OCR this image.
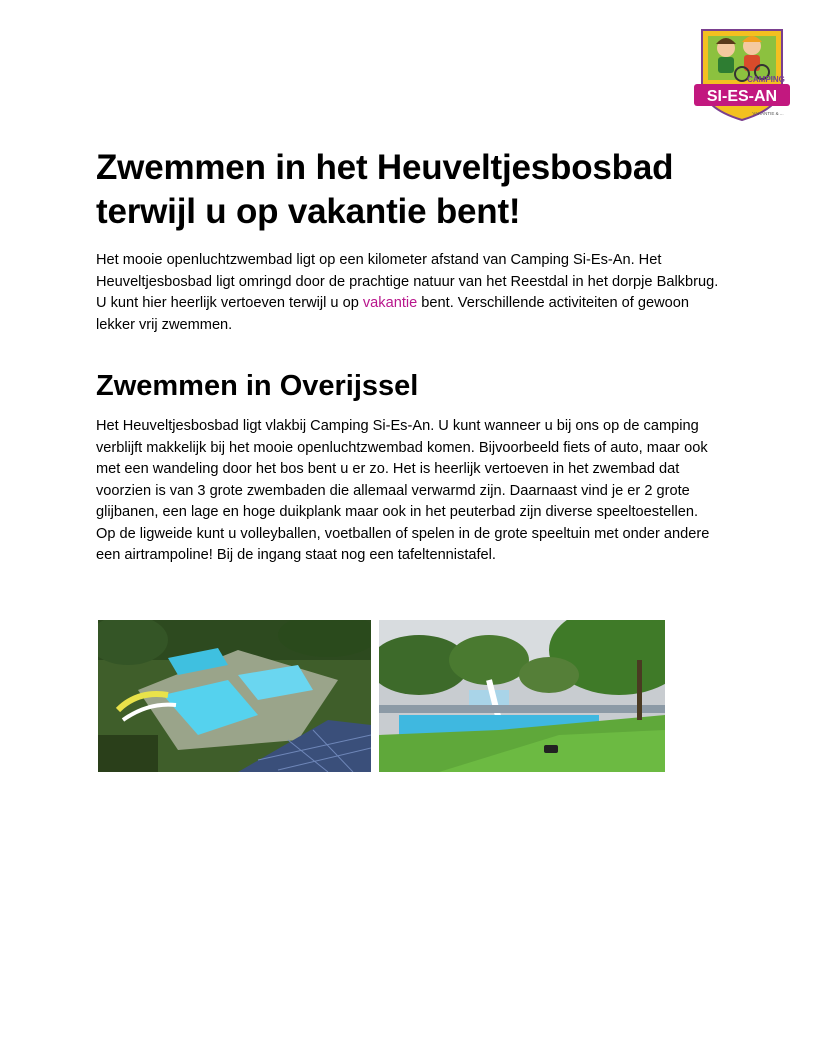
CAMPING
SI-ES-AN
VAKANTIE & ...
Zwemmen in het Heuveltjesbosbad terwijl u op vakantie bent!

Het mooie openluchtzwembad ligt op een kilometer afstand van Camping Si-Es-An. Het Heuveltjesbosbad ligt omringd door de prachtige natuur van het Reestdal in het dorpje Balkbrug. U kunt hier heerlijk vertoeven terwijl u op vakantie bent. Verschillende activiteiten of gewoon lekker vrij zwemmen.

Zwemmen in Overijssel

Het Heuveltjesbosbad ligt vlakbij Camping Si-Es-An. U kunt wanneer u bij ons op de camping verblijft makkelijk bij het mooie openluchtzwembad komen. Bijvoorbeeld fiets of auto, maar ook met een wandeling door het bos bent u er zo. Het is heerlijk vertoeven in het zwembad dat voorzien is van 3 grote zwembaden die allemaal verwarmd zijn. Daarnaast vind je er 2 grote glijbanen, een lage en hoge duikplank maar ook in het peuterbad zijn diverse speeltoestellen. Op de ligweide kunt u volleyballen, voetballen of spelen in de grote speeltuin met onder andere een airtrampoline! Bij de ingang staat nog een tafeltennistafel.
